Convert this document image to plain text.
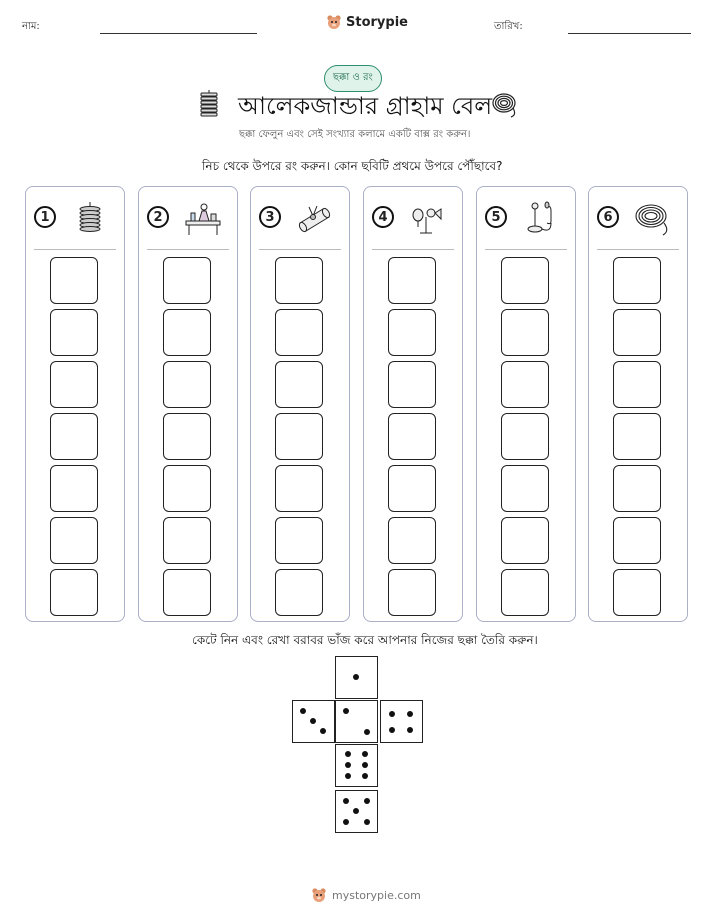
নাম:	Storypie	তারিখ:
ছক্কা ও রং
আলেকজান্ডার গ্রাহাম বেল
ছক্কা ফেলুন এবং সেই সংখ্যার কলামে একটি বাক্স রং করুন।
নিচ থেকে উপরে রং করুন। কোন ছবিটি প্রথমে উপরে পৌঁছাবে?
1	2	3	4	5	6
কেটে নিন এবং রেখা বরাবর ভাঁজ করে আপনার নিজের ছক্কা তৈরি করুন।
mystorypie.com
